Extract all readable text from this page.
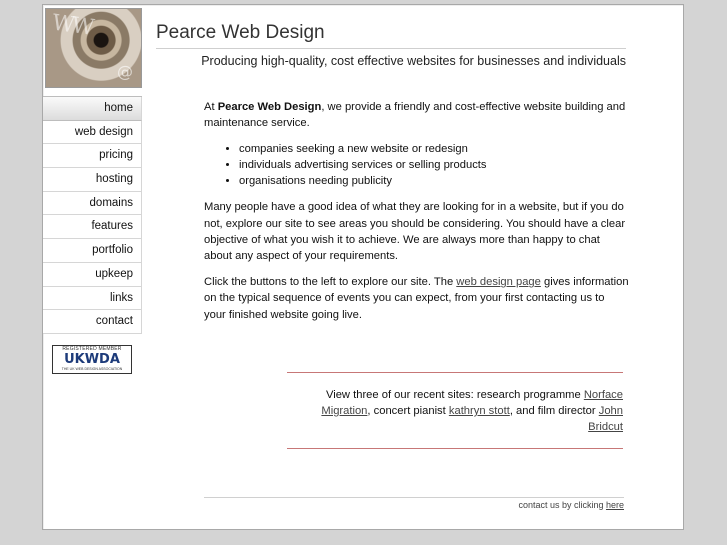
WW
@
Pearce Web Design
Producing high-quality, cost effective websites for businesses and individuals
home
web design
pricing
hosting
domains
features
portfolio
upkeep
links
contact
REGISTERED MEMBER
UKWDA
THE UK WEB DESIGN ASSOCIATION

At Pearce Web Design, we provide a friendly and cost-effective website building and maintenance service.

• companies seeking a new website or redesign
• individuals advertising services or selling products
• organisations needing publicity

Many people have a good idea of what they are looking for in a website, but if you do not, explore our site to see areas you should be considering. You should have a clear objective of what you wish it to achieve. We are always more than happy to chat about any aspect of your requirements.

Click the buttons to the left to explore our site. The web design page gives information on the typical sequence of events you can expect, from your first contacting us to your finished website going live.

View three of our recent sites: research programme Norface Migration, concert pianist kathryn stott, and film director John Bridcut
contact us by clicking here
